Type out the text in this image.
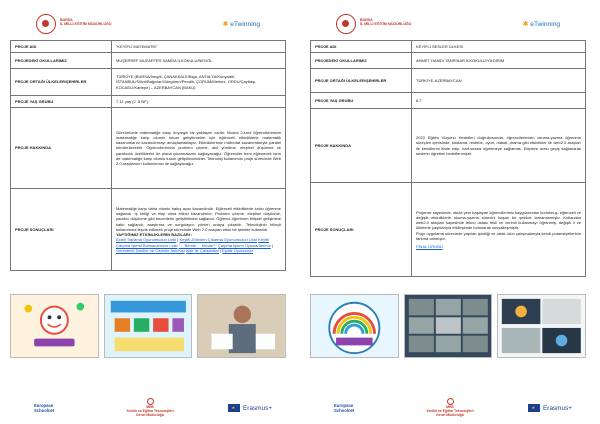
BURSA
İL MİLLİ EĞİTİM MÜDÜRLÜĞÜ	✱ eTwinning
PROJE ADI	"KEYİFLİ MATEMATİK"
PROJEDEKİ OKULLARIMIZ	MUŞERREF MUZAFFER SAMDA İLKOKULU/NEGÖL
PROJE ORTAĞI ÜLKELER/ŞEHİRLER	TÜRKİYE (BURSA/İnegöl, ÇANAKKALE/Biga, ANTALYA/Konyaaltı, İSTANBUL/Silivri/Bağcılar/Güngören/Pendik, ÇORUM/Merkez, ORDU/Çaybaşı, KOCAELİ/Kartepe) – AZERBAYCAN (BAKÜ)
PROJE YAŞ GRUBU	7-11 yaş (2 .5 NF)
PROJE HAKKINDA	Günümüzde matematiğe karşı önyargılı bir yaklaşım vardır. İlkokul 2.sınıf öğrencilerimizin matematiğe karşı olumlu tutum geliştirmeleri için eğlenceli etkinliklerle matematik kazanımlarını kazandırmayı amaçlamaktayız. Etkinliklerimiz müfredat kazanımlarıyla paralel sürdürülecektir. Öğrencilerimizin problem çözme, akıl yürütme, eleştirel düşünme ve yaratıcılık özelliklerini ön plana çıkarmalarını sağlayacağız. Öğrenciler hem eğlenecek hem de matematiğe karşı olumlu tutum geliştirecektirler. Teknoloji kullanımını proje sürecinde Web 2.0 araçlarının kullanılması ile sağlayacağız.

PROJE SONUÇLARI	Matematiğe karşı daha olumlu bakış açısı kazandırıldı. Eğlenceli etkinliklerle kalıcı öğrenme sağlandı. İş birliği ve ekip olma bilinci kazandırıldı. Problem çözme, eleştirel düşünme, yaratıcı düşünme gibi becerilerin geliştirilmesi sağlandı. Öğrenci-öğretmen bilişsel gelişimine katkı sağlandı, araştırma ve sorgulayıcı yönleri ortaya çıkarıldı. Teknolojinin bilinçli kullanımına teşvik edilerek proje sürecinde Web 2.0 araçları etkin bir şekilde kullanıldı.

YAPTIĞIMIZ ETKİNLİKLERİN BAZILARI :
Eldeli Toplama Oyunumuzun Linki | Keyifli Zihinden Çıkarma Oyunumuzun Linki Keyifli Çarpma İşlemi Bulmacamızın Linki "... Bende ... Kimde?" Çarpma İşlemi Oyunlarlarımız | Geometrik Şekiller ve Cisimler Aslı/Kişi İşler İle Çalışmalar | Eşitlik Oyunumuz
European
Schoolnet
MEB
Yenilik ve Eğitim Teknolojileri
Genel Müdürlüğü
★
Erasmus+
BURSA
İL MİLLİ EĞİTİM MÜDÜRLÜĞÜ	✱ eTwinning
PROJE ADI	KEYİFLİ SESLER ÜLKESİ
PROJEDEKİ OKULLARIMIZ	AHMET HAMDİ TANPINAR İLKOKULU/YILDIRIM
PROJE ORTAĞI ÜLKELER/ŞEHİRLER	TÜRKİYE-AZERBAYCAN
PROJE YAŞ GRUBU	6-7
PROJE HAKKINDA	2023 Eğitim Vizyonu Hedefleri doğrultusunda; öğrencilerimizin okuma-yazma öğrenme süreçleri içerisinde; kodlama, resfebe, oyun, masal, drama gibi etkinlikler ile web2.0 araçları ile kendilerini ifade edip, harf-sessiz öğretmeye sağlamak. Ekiplere arası geçiş sağlanarak seslerin öğretimi hedeflenmiştir.

PROJE SONUÇLARI	Projemiz sayesinde, okula yeni başlayan öğrencilerimiz kaygılarından kurtulmuş, eğlenceli ve değişik etkinliklerle okuma-yazma sürecini başarı bir şekilde tamamlamıştır. Kullanılan web2.0 araçları sayesinde tekno ustası tekli ve verimli kullanmayı öğrenmiş, değişik il ve ülkelerle yaşıtlarıyla etkileşimde bulunarak sosyalleşmiştir.
Proje uygulama sürecinde yapılan işbirliği ve ortak ürün çalışmalarıyla kendi potansiyellerinin farkına varmıştır.

FİNAL ÜRÜNÜ
European
Schoolnet
MEB
Yenilik ve Eğitim Teknolojileri
Genel Müdürlüğü
★
Erasmus+
